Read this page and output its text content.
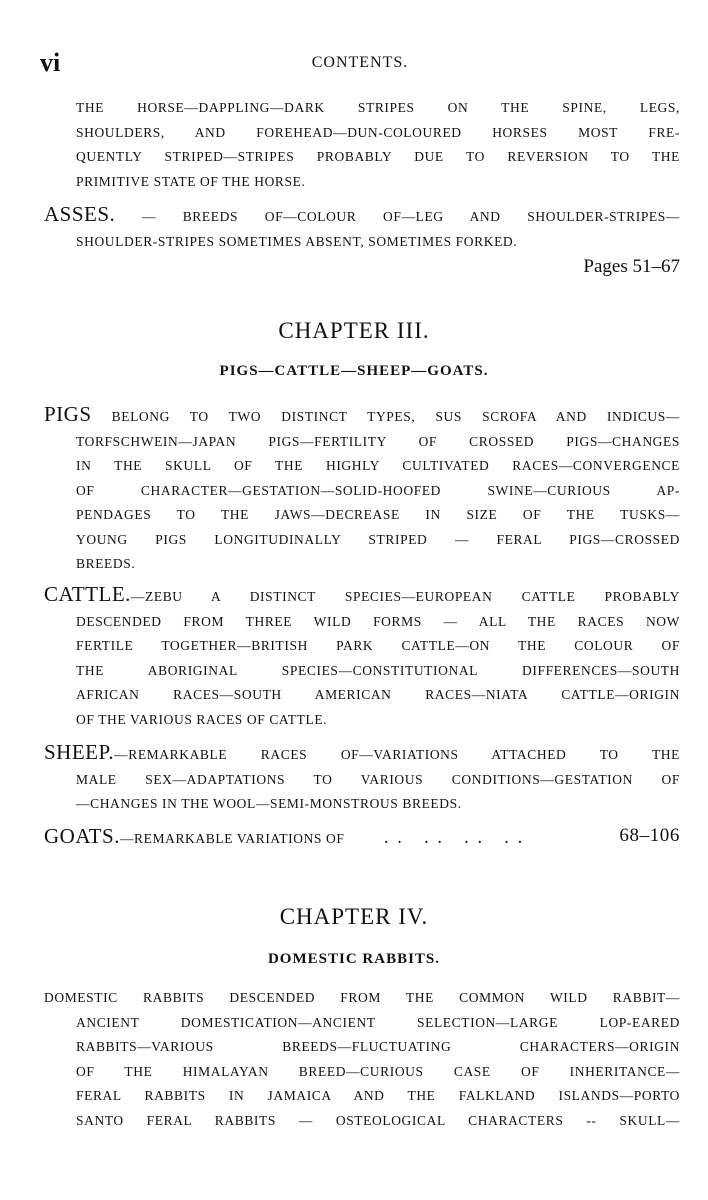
vi	CONTENTS.
THE HORSE—DAPPLING—DARK STRIPES ON THE SPINE, LEGS,
SHOULDERS, AND FOREHEAD—DUN-COLOURED HORSES MOST FRE-
QUENTLY STRIPED—STRIPES PROBABLY DUE TO REVERSION TO THE
PRIMITIVE STATE OF THE HORSE.
ASSES. — BREEDS OF—COLOUR OF—LEG AND SHOULDER-STRIPES—
SHOULDER-STRIPES SOMETIMES ABSENT, SOMETIMES FORKED.
Pages 51–67
CHAPTER III.
PIGS—CATTLE—SHEEP—GOATS.
PIGS BELONG TO TWO DISTINCT TYPES, SUS SCROFA AND INDICUS—
TORFSCHWEIN—JAPAN PIGS—FERTILITY OF CROSSED PIGS—CHANGES
IN THE SKULL OF THE HIGHLY CULTIVATED RACES—CONVERGENCE
OF CHARACTER—GESTATION—SOLID-HOOFED SWINE—CURIOUS AP-
PENDAGES TO THE JAWS—DECREASE IN SIZE OF THE TUSKS—
YOUNG PIGS LONGITUDINALLY STRIPED — FERAL PIGS—CROSSED
BREEDS.
CATTLE.—ZEBU A DISTINCT SPECIES—EUROPEAN CATTLE PROBABLY
DESCENDED FROM THREE WILD FORMS — ALL THE RACES NOW
FERTILE TOGETHER—BRITISH PARK CATTLE—ON THE COLOUR OF
THE ABORIGINAL SPECIES—CONSTITUTIONAL DIFFERENCES—SOUTH
AFRICAN RACES—SOUTH AMERICAN RACES—NIATA CATTLE—ORIGIN
OF THE VARIOUS RACES OF CATTLE.
SHEEP.—REMARKABLE RACES OF—VARIATIONS ATTACHED TO THE
MALE SEX—ADAPTATIONS TO VARIOUS CONDITIONS—GESTATION OF
—CHANGES IN THE WOOL—SEMI-MONSTROUS BREEDS.
GOATS.—REMARKABLE VARIATIONS OF	.. .. .. ..	68–106
CHAPTER IV.
DOMESTIC RABBITS.
DOMESTIC RABBITS DESCENDED FROM THE COMMON WILD RABBIT—
ANCIENT DOMESTICATION—ANCIENT SELECTION—LARGE LOP-EARED
RABBITS—VARIOUS BREEDS—FLUCTUATING CHARACTERS—ORIGIN
OF THE HIMALAYAN BREED—CURIOUS CASE OF INHERITANCE—
FERAL RABBITS IN JAMAICA AND THE FALKLAND ISLANDS—PORTO
SANTO FERAL RABBITS — OSTEOLOGICAL CHARACTERS -- SKULL—
